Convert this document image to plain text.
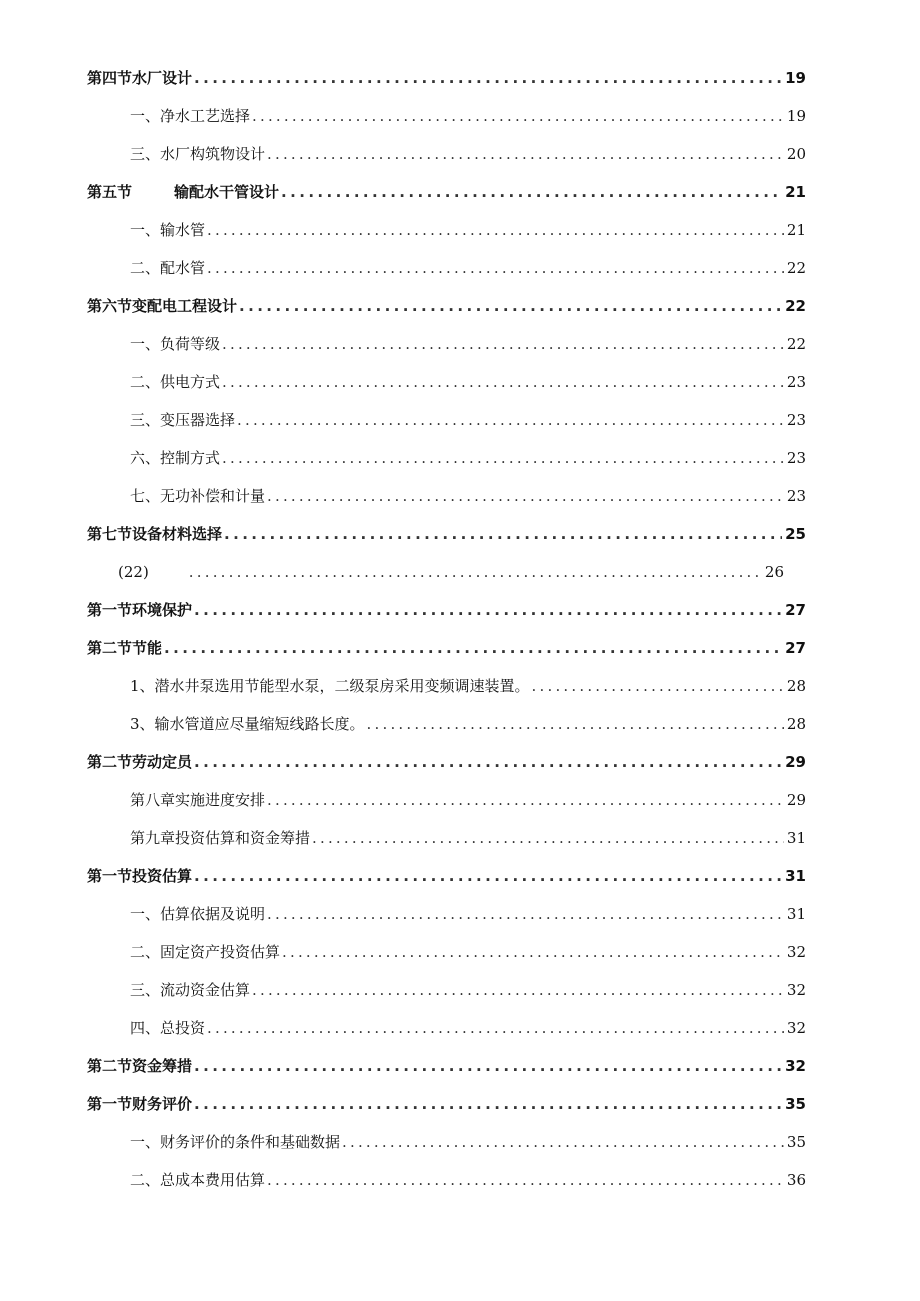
第四节水厂设计 .....	19
一、净水工艺选择 .....	19
三、水厂构筑物设计 .....	20
第五节	输配水干管设计 .....	21
一、输水管 .....	21
二、配水管 .....	22
第六节变配电工程设计 .....	22
一、负荷等级 .....	22
二、供电方式 .....	23
三、变压器选择 .....	23
六、控制方式 .....	23
七、无功补偿和计量 .....	23
第七节设备材料选择 .....	25
(22) .....	26
第一节环境保护 .....	27
第二节节能 .....	27
1、潜水井泵选用节能型水泵，二级泵房采用变频调速装置。 .....	28
3、输水管道应尽量缩短线路长度。 .....	28
第二节劳动定员 .....	29
第八章实施进度安排 .....	29
第九章投资估算和资金筹措 .....	31
第一节投资估算 .....	31
一、估算依据及说明 .....	31
二、固定资产投资估算 .....	32
三、流动资金估算 .....	32
四、总投资 .....	32
第二节资金筹措 .....	32
第一节财务评价 .....	35
一、财务评价的条件和基础数据 .....	35
二、总成本费用估算 .....	36
